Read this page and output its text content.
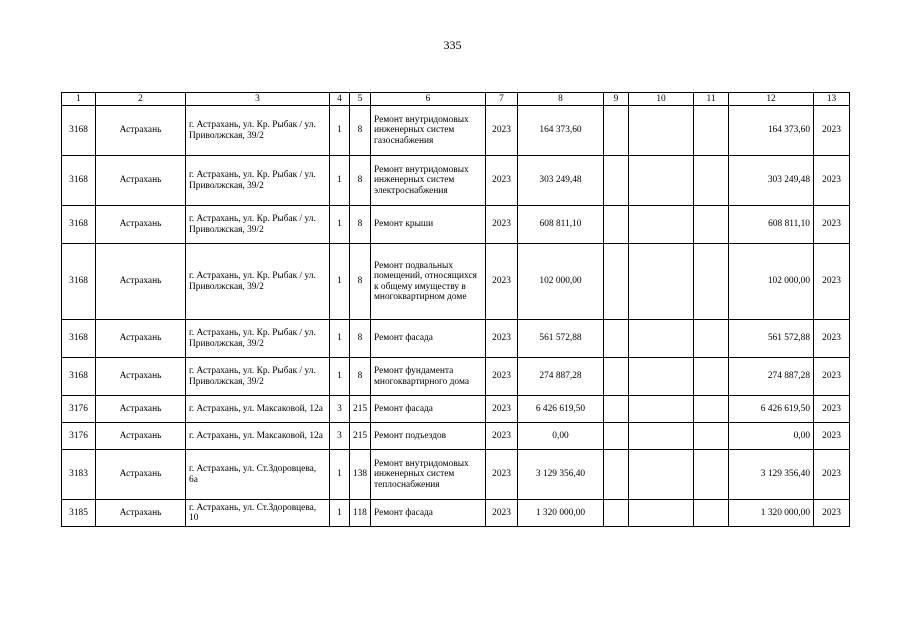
335
1	2	3	4	5	6	7	8	9	10	11	12	13
3168	Астрахань	г. Астрахань, ул. Кр. Рыбак / ул. Приволжская, 39/2	1	8	Ремонт внутридомовых инженерных систем газоснабжения	2023	164 373,60				164 373,60	2023
3168	Астрахань	г. Астрахань, ул. Кр. Рыбак / ул. Приволжская, 39/2	1	8	Ремонт внутридомовых инженерных систем электроснабжения	2023	303 249,48				303 249,48	2023
3168	Астрахань	г. Астрахань, ул. Кр. Рыбак / ул. Приволжская, 39/2	1	8	Ремонт крыши	2023	608 811,10				608 811,10	2023
3168	Астрахань	г. Астрахань, ул. Кр. Рыбак / ул. Приволжская, 39/2	1	8	Ремонт подвальных помещений, относящихся к общему имуществу в многоквартирном доме	2023	102 000,00				102 000,00	2023
3168	Астрахань	г. Астрахань, ул. Кр. Рыбак / ул. Приволжская, 39/2	1	8	Ремонт фасада	2023	561 572,88				561 572,88	2023
3168	Астрахань	г. Астрахань, ул. Кр. Рыбак / ул. Приволжская, 39/2	1	8	Ремонт фундамента многоквартирного дома	2023	274 887,28				274 887,28	2023
3176	Астрахань	г. Астрахань, ул. Максаковой, 12а	3	215	Ремонт фасада	2023	6 426 619,50				6 426 619,50	2023
3176	Астрахань	г. Астрахань, ул. Максаковой, 12а	3	215	Ремонт подъездов	2023	0,00				0,00	2023
3183	Астрахань	г. Астрахань, ул. Ст.Здоровцева, 6а	1	138	Ремонт внутридомовых инженерных систем теплоснабжения	2023	3 129 356,40				3 129 356,40	2023
3185	Астрахань	г. Астрахань, ул. Ст.Здоровцева, 10	1	118	Ремонт фасада	2023	1 320 000,00				1 320 000,00	2023
